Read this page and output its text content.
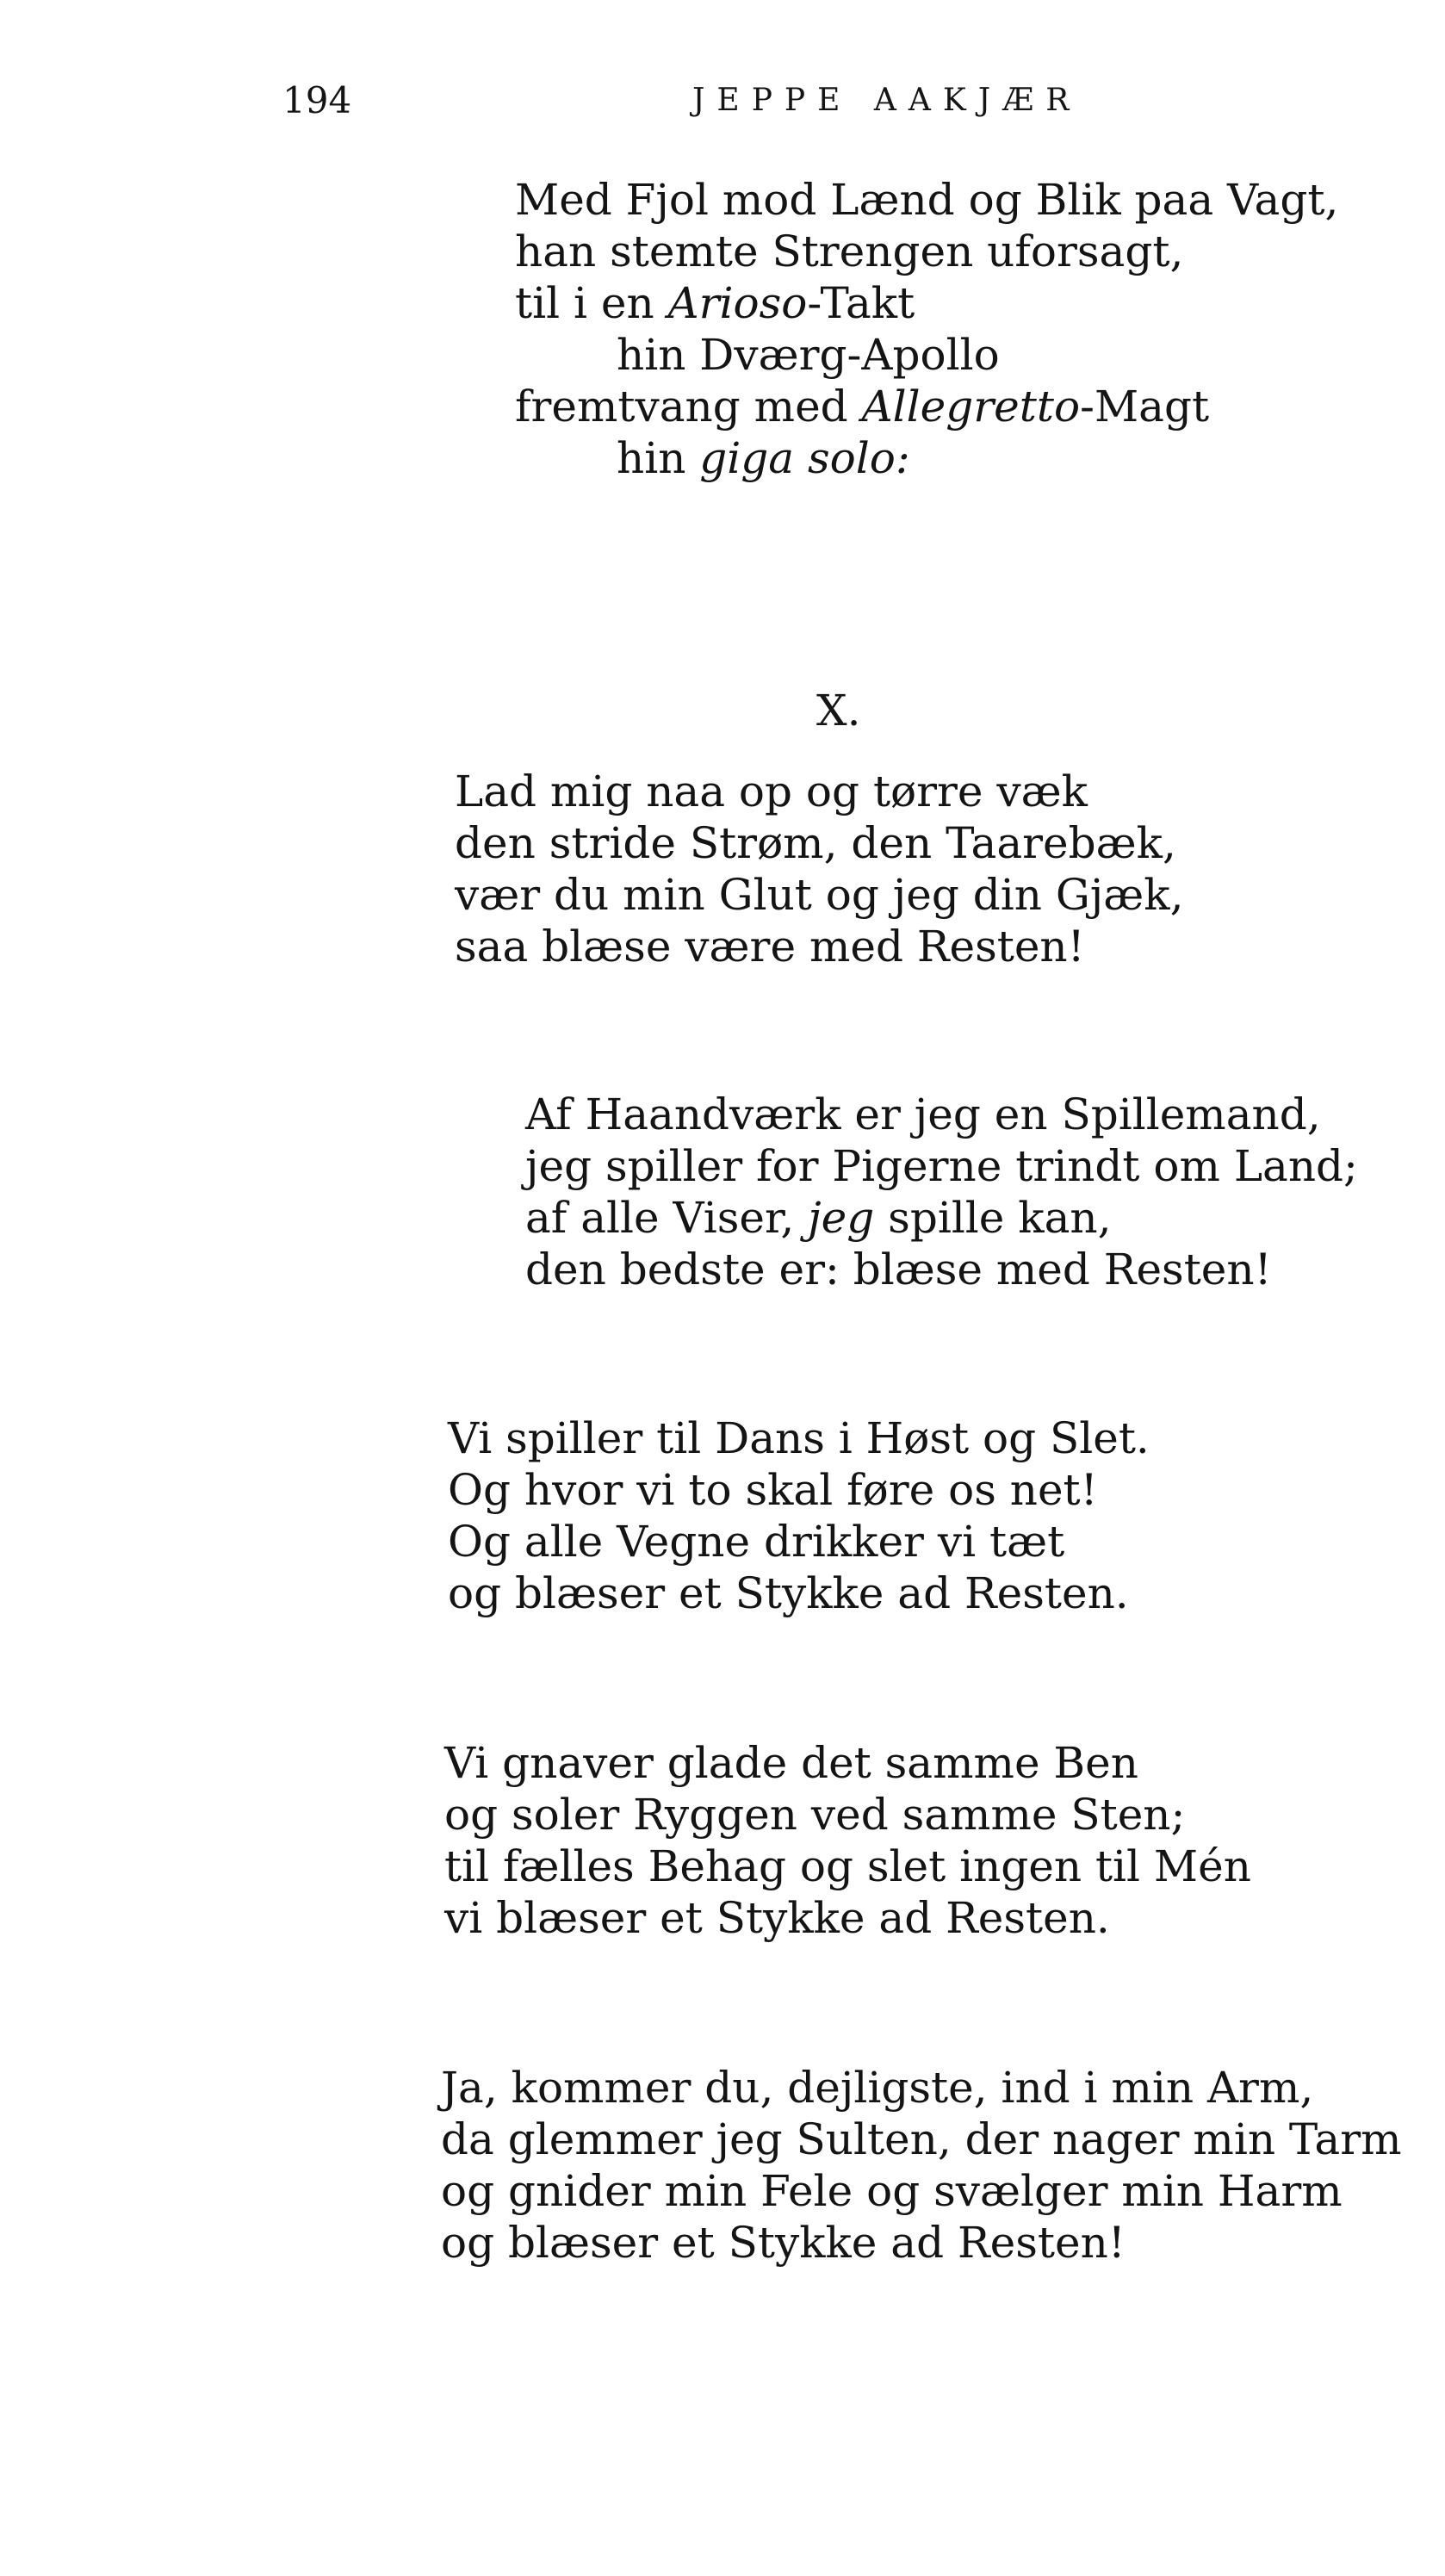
194	JEPPE AAKJÆR
Med Fjol mod Lænd og Blik paa Vagt,
han stemte Strengen uforsagt,
til i en Arioso-Takt
hin Dværg-Apollo
fremtvang med Allegretto-Magt
hin giga solo:
X.
Lad mig naa op og tørre væk
den stride Strøm, den Taarebæk,
vær du min Glut og jeg din Gjæk,
saa blæse være med Resten!
Af Haandværk er jeg en Spillemand,
jeg spiller for Pigerne trindt om Land;
af alle Viser, jeg spille kan,
den bedste er: blæse med Resten!
Vi spiller til Dans i Høst og Slet.
Og hvor vi to skal føre os net!
Og alle Vegne drikker vi tæt
og blæser et Stykke ad Resten.
Vi gnaver glade det samme Ben
og soler Ryggen ved samme Sten;
til fælles Behag og slet ingen til Mén
vi blæser et Stykke ad Resten.
Ja, kommer du, dejligste, ind i min Arm,
da glemmer jeg Sulten, der nager min Tarm
og gnider min Fele og svælger min Harm
og blæser et Stykke ad Resten!
